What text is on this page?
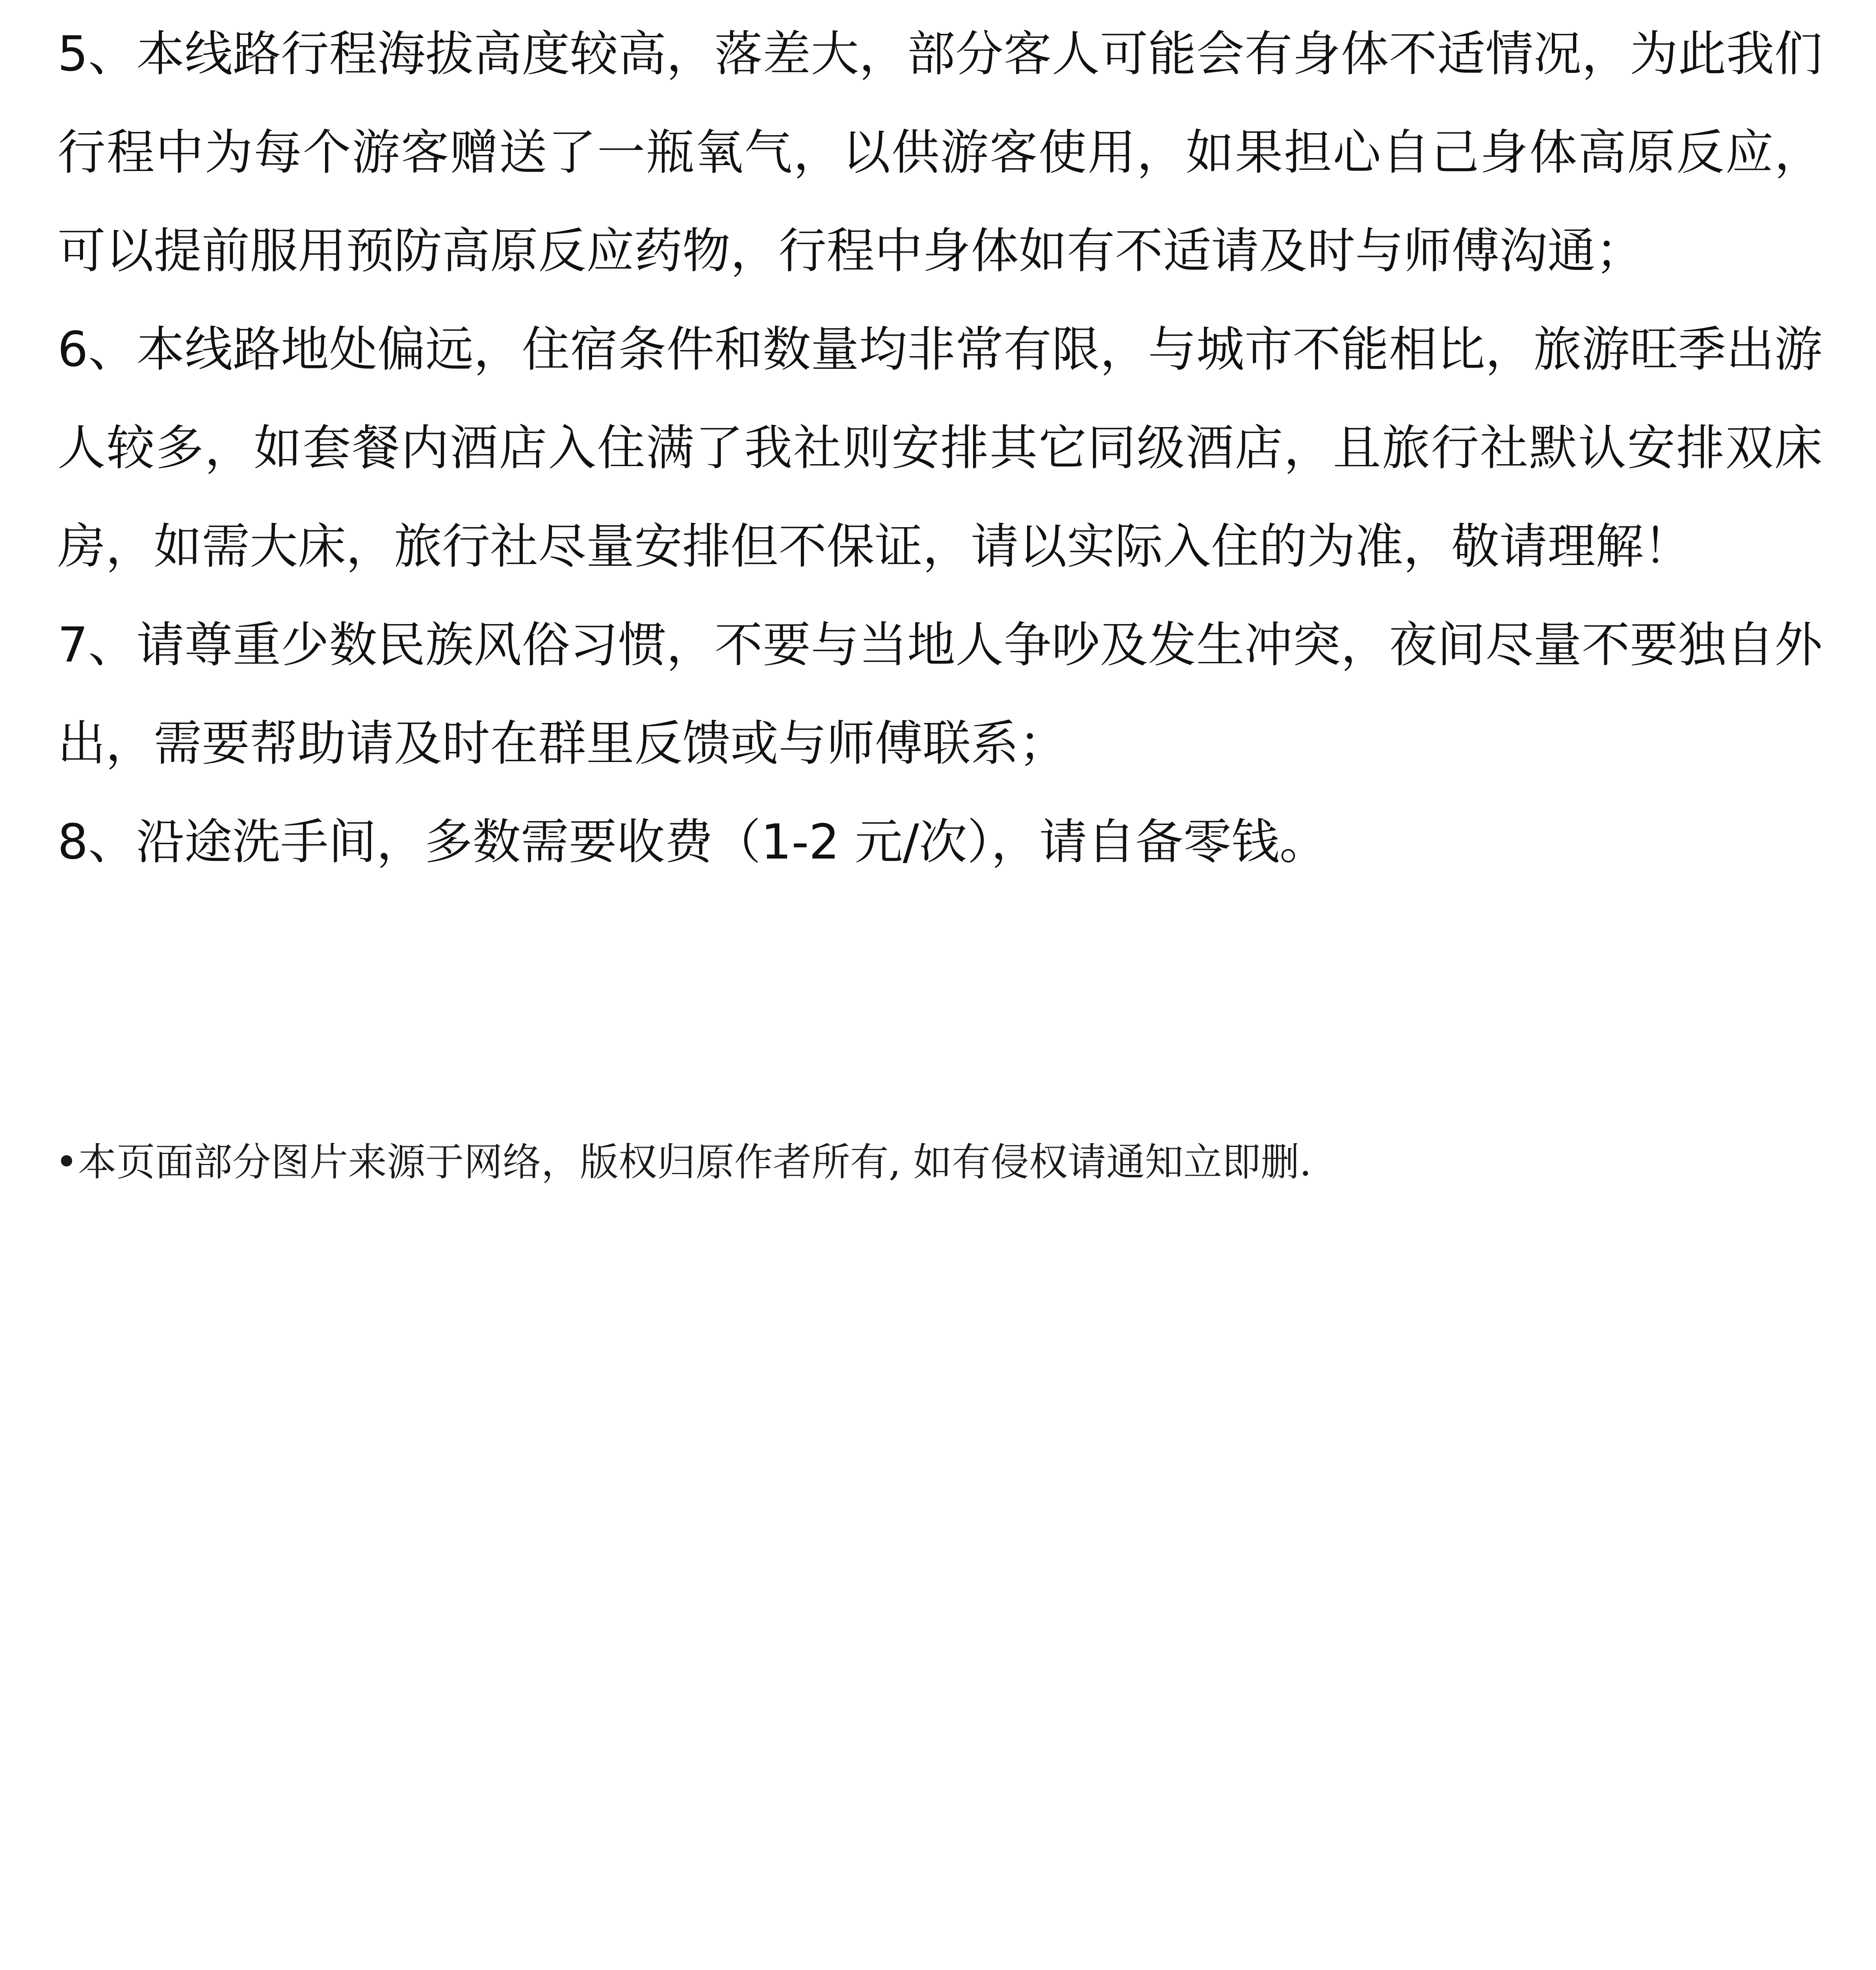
5、本线路行程海拔高度较高，落差大，部分客人可能会有身体不适情况，为此我们行程中为每个游客赠送了一瓶氧气，以供游客使用，如果担心自己身体高原反应，可以提前服用预防高原反应药物，行程中身体如有不适请及时与师傅沟通；

6、本线路地处偏远，住宿条件和数量均非常有限，与城市不能相比，旅游旺季出游人较多，如套餐内酒店入住满了我社则安排其它同级酒店，且旅行社默认安排双床房，如需大床，旅行社尽量安排但不保证，请以实际入住的为准，敬请理解！

7、请尊重少数民族风俗习惯，不要与当地人争吵及发生冲突，夜间尽量不要独自外出，需要帮助请及时在群里反馈或与师傅联系；

8、沿途洗手间，多数需要收费（1-2 元/次），请自备零钱。

•本页面部分图片来源于网络，版权归原作者所有, 如有侵权请通知立即删.
